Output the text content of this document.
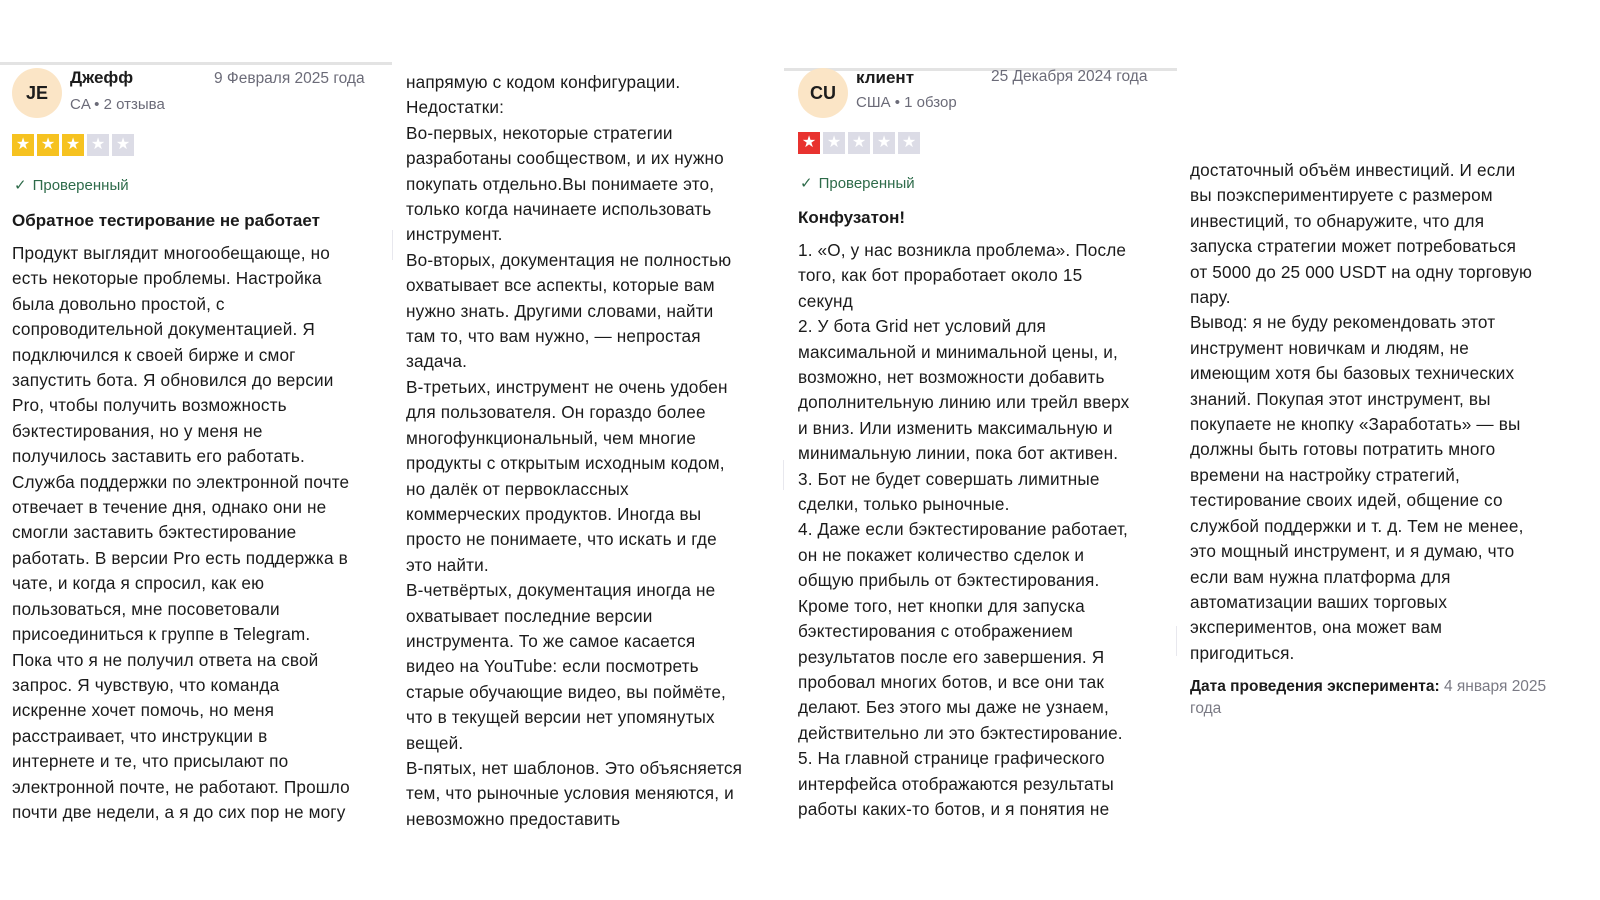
JE
Джефф
CA • 2 отзыва
9 Февраля 2025 года
★ ★ ★ ★ ★
✓ Проверенный
Обратное тестирование не работает
Продукт выглядит многообещающе, но
есть некоторые проблемы. Настройка
была довольно простой, с
сопроводительной документацией. Я
подключился к своей бирже и смог
запустить бота. Я обновился до версии
Pro, чтобы получить возможность
бэктестирования, но у меня не
получилось заставить его работать.
Служба поддержки по электронной почте
отвечает в течение дня, однако они не
смогли заставить бэктестирование
работать. В версии Pro есть поддержка в
чате, и когда я спросил, как ею
пользоваться, мне посоветовали
присоединиться к группе в Telegram.
Пока что я не получил ответа на свой
запрос. Я чувствую, что команда
искренне хочет помочь, но меня
расстраивает, что инструкции в
интернете и те, что присылают по
электронной почте, не работают. Прошло
почти две недели, а я до сих пор не могу
напрямую с кодом конфигурации.
Недостатки:
Во-первых, некоторые стратегии
разработаны сообществом, и их нужно
покупать отдельно.Вы понимаете это,
только когда начинаете использовать
инструмент.
Во-вторых, документация не полностью
охватывает все аспекты, которые вам
нужно знать. Другими словами, найти
там то, что вам нужно, — непростая
задача.
В-третьих, инструмент не очень удобен
для пользователя. Он гораздо более
многофункциональный, чем многие
продукты с открытым исходным кодом,
но далёк от первоклассных
коммерческих продуктов. Иногда вы
просто не понимаете, что искать и где
это найти.
В-четвёртых, документация иногда не
охватывает последние версии
инструмента. То же самое касается
видео на YouTube: если посмотреть
старые обучающие видео, вы поймёте,
что в текущей версии нет упомянутых
вещей.
В-пятых, нет шаблонов. Это объясняется
тем, что рыночные условия меняются, и
невозможно предоставить
CU
клиент
США • 1 обзор
25 Декабря 2024 года
★ ★ ★ ★ ★
✓ Проверенный
Конфузатон!
1. «О, у нас возникла проблема». После
того, как бот проработает около 15
секунд
2. У бота Grid нет условий для
максимальной и минимальной цены, и,
возможно, нет возможности добавить
дополнительную линию или трейл вверх
и вниз. Или изменить максимальную и
минимальную линии, пока бот активен.
3. Бот не будет совершать лимитные
сделки, только рыночные.
4. Даже если бэктестирование работает,
он не покажет количество сделок и
общую прибыль от бэктестирования.
Кроме того, нет кнопки для запуска
бэктестирования с отображением
результатов после его завершения. Я
пробовал многих ботов, и все они так
делают. Без этого мы даже не узнаем,
действительно ли это бэктестирование.
5. На главной странице графического
интерфейса отображаются результаты
работы каких-то ботов, и я понятия не
достаточный объём инвестиций. И если
вы поэкспериментируете с размером
инвестиций, то обнаружите, что для
запуска стратегии может потребоваться
от 5000 до 25 000 USDT на одну торговую
пару.
Вывод: я не буду рекомендовать этот
инструмент новичкам и людям, не
имеющим хотя бы базовых технических
знаний. Покупая этот инструмент, вы
покупаете не кнопку «Заработать» — вы
должны быть готовы потратить много
времени на настройку стратегий,
тестирование своих идей, общение со
службой поддержки и т. д. Тем не менее,
это мощный инструмент, и я думаю, что
если вам нужна платформа для
автоматизации ваших торговых
экспериментов, она может вам
пригодиться.
Дата проведения эксперимента: 4 января 2025
года
